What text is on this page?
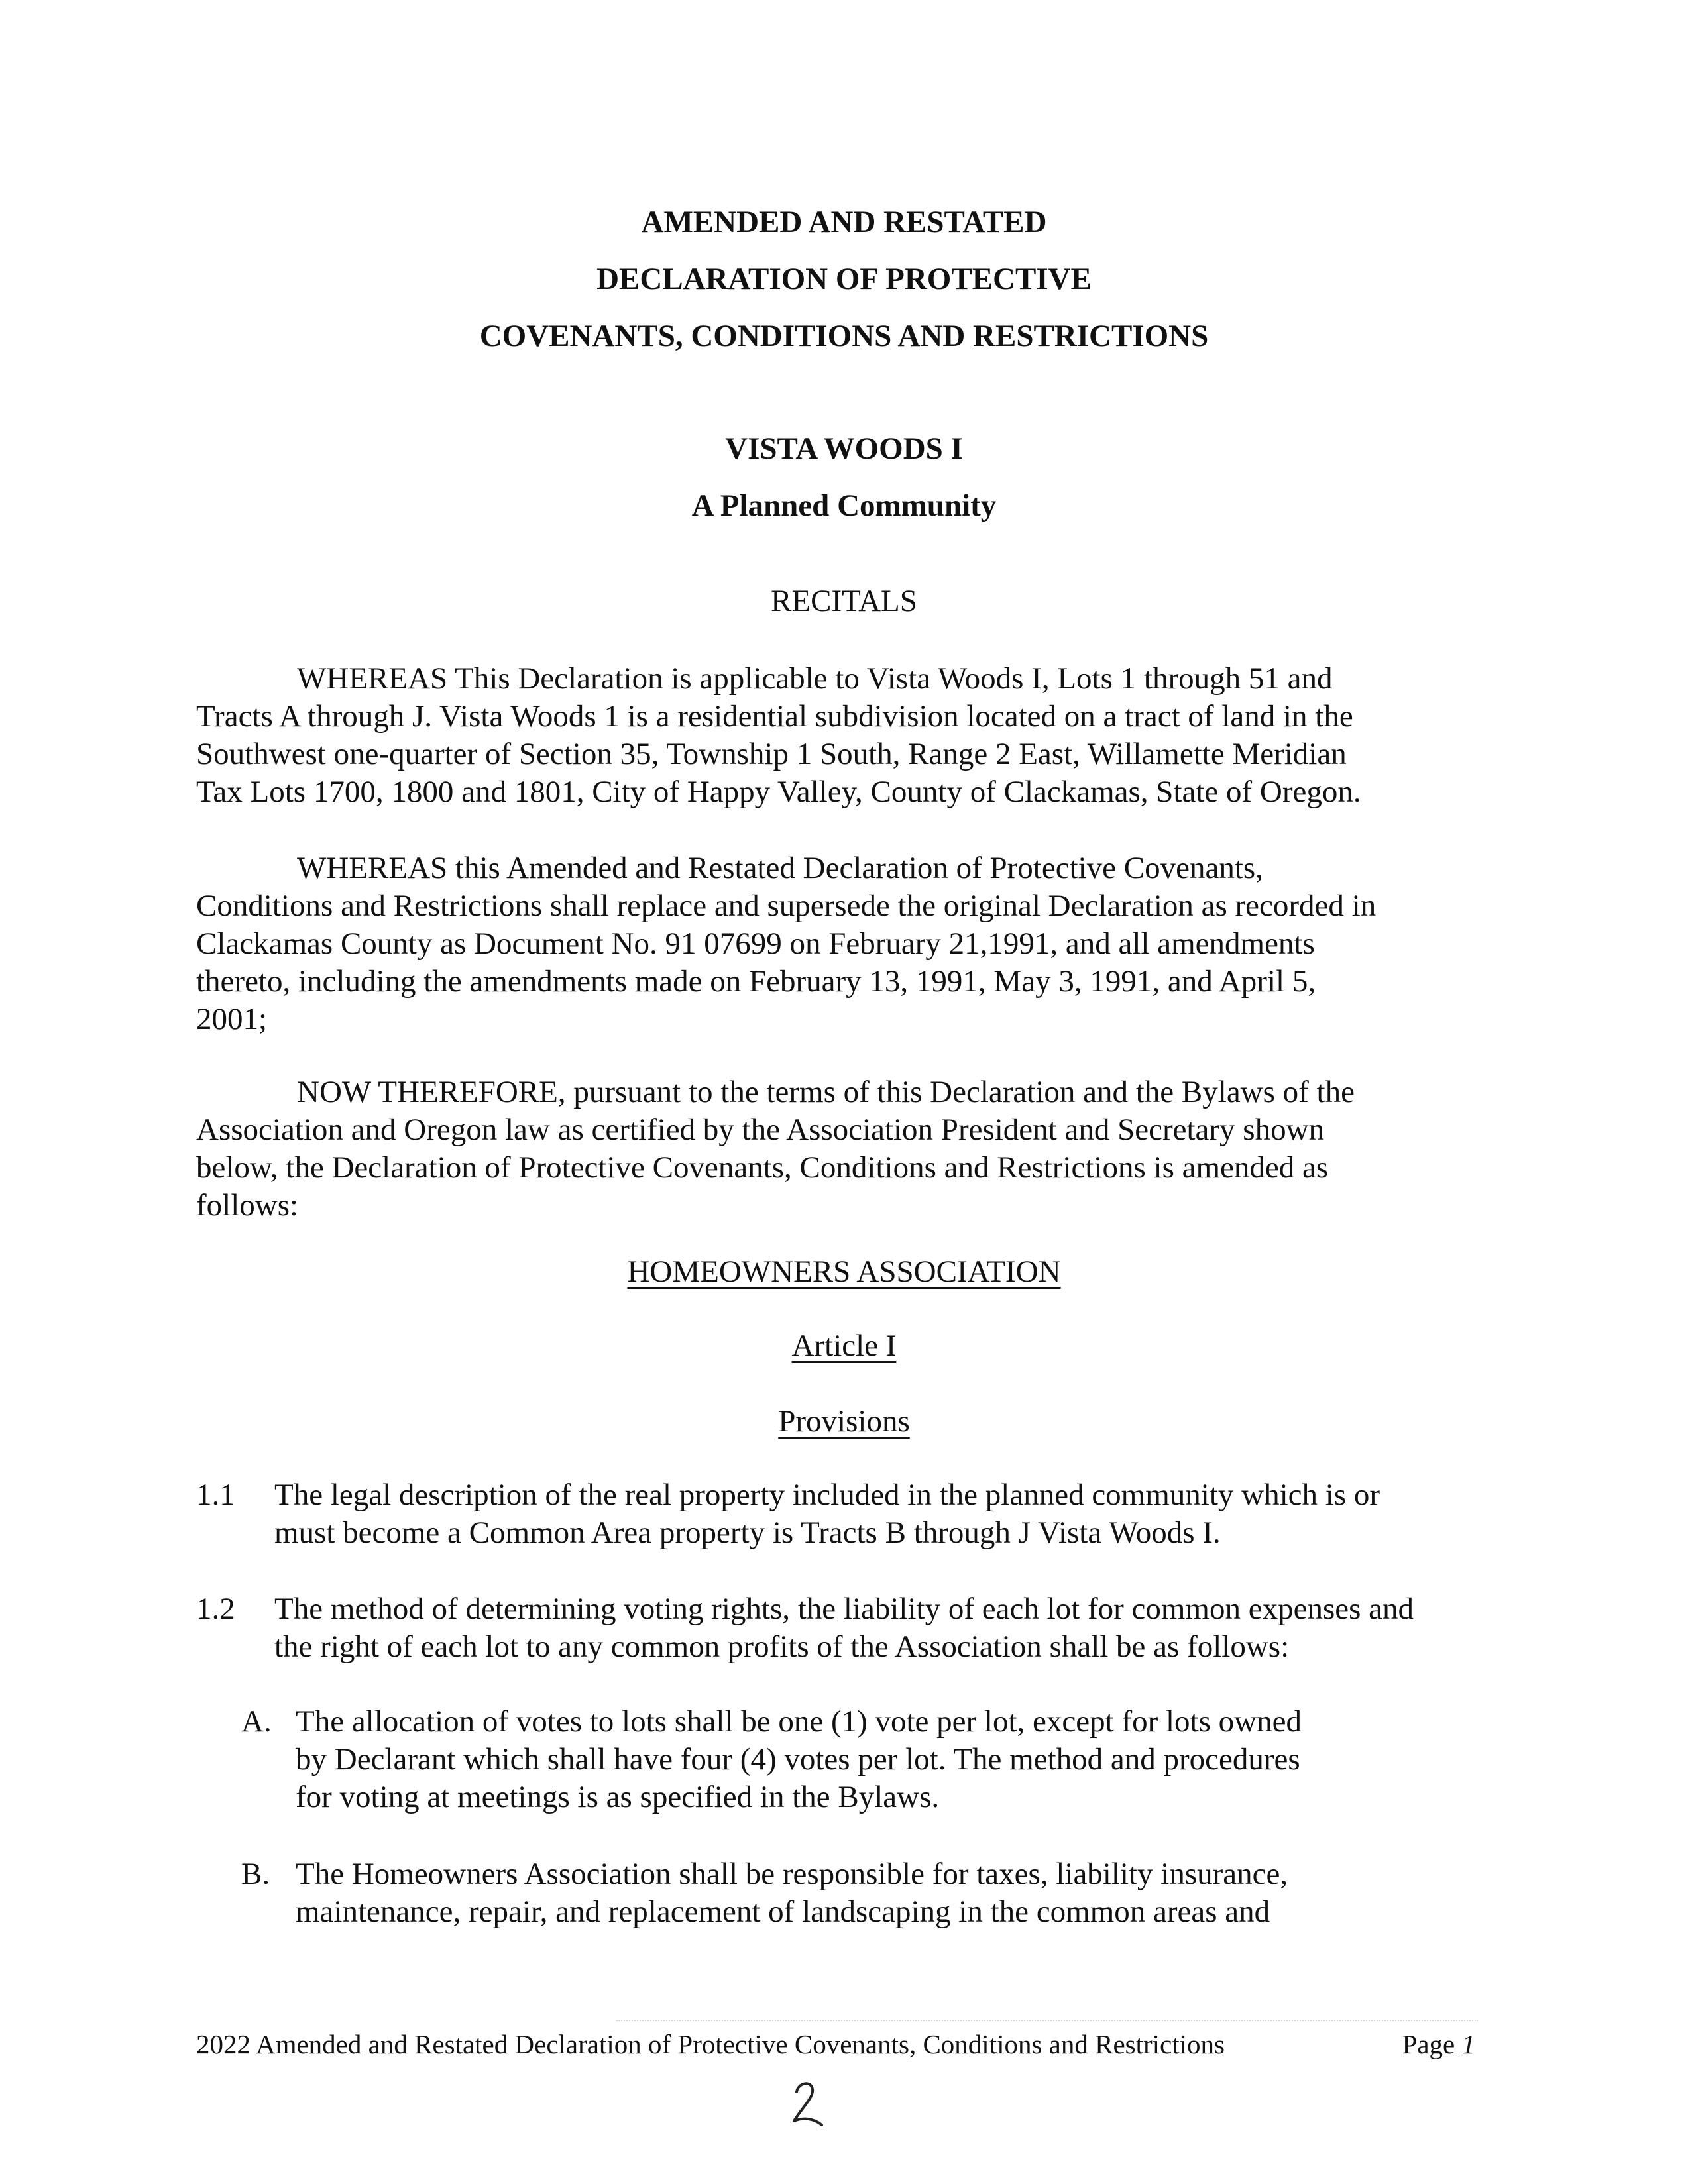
AMENDED AND RESTATED
DECLARATION OF PROTECTIVE
COVENANTS, CONDITIONS AND RESTRICTIONS
VISTA WOODS I
A Planned Community
RECITALS
WHEREAS This Declaration is applicable to Vista Woods I, Lots 1 through 51 and
Tracts A through J. Vista Woods 1 is a residential subdivision located on a tract of land in the
Southwest one-quarter of Section 35, Township 1 South, Range 2 East, Willamette Meridian
Tax Lots 1700, 1800 and 1801, City of Happy Valley, County of Clackamas, State of Oregon.
WHEREAS this Amended and Restated Declaration of Protective Covenants,
Conditions and Restrictions shall replace and supersede the original Declaration as recorded in
Clackamas County as Document No. 91 07699 on February 21,1991, and all amendments
thereto, including the amendments made on February 13, 1991, May 3, 1991, and April 5,
2001;
NOW THEREFORE, pursuant to the terms of this Declaration and the Bylaws of the
Association and Oregon law as certified by the Association President and Secretary shown
below, the Declaration of Protective Covenants, Conditions and Restrictions is amended as
follows:
HOMEOWNERS ASSOCIATION
Article I
Provisions
1.1 The legal description of the real property included in the planned community which is or
must become a Common Area property is Tracts B through J Vista Woods I.
1.2 The method of determining voting rights, the liability of each lot for common expenses and
the right of each lot to any common profits of the Association shall be as follows:
A. The allocation of votes to lots shall be one (1) vote per lot, except for lots owned
by Declarant which shall have four (4) votes per lot. The method and procedures
for voting at meetings is as specified in the Bylaws.
B. The Homeowners Association shall be responsible for taxes, liability insurance,
maintenance, repair, and replacement of landscaping in the common areas and
2022 Amended and Restated Declaration of Protective Covenants, Conditions and Restrictions	Page 1
